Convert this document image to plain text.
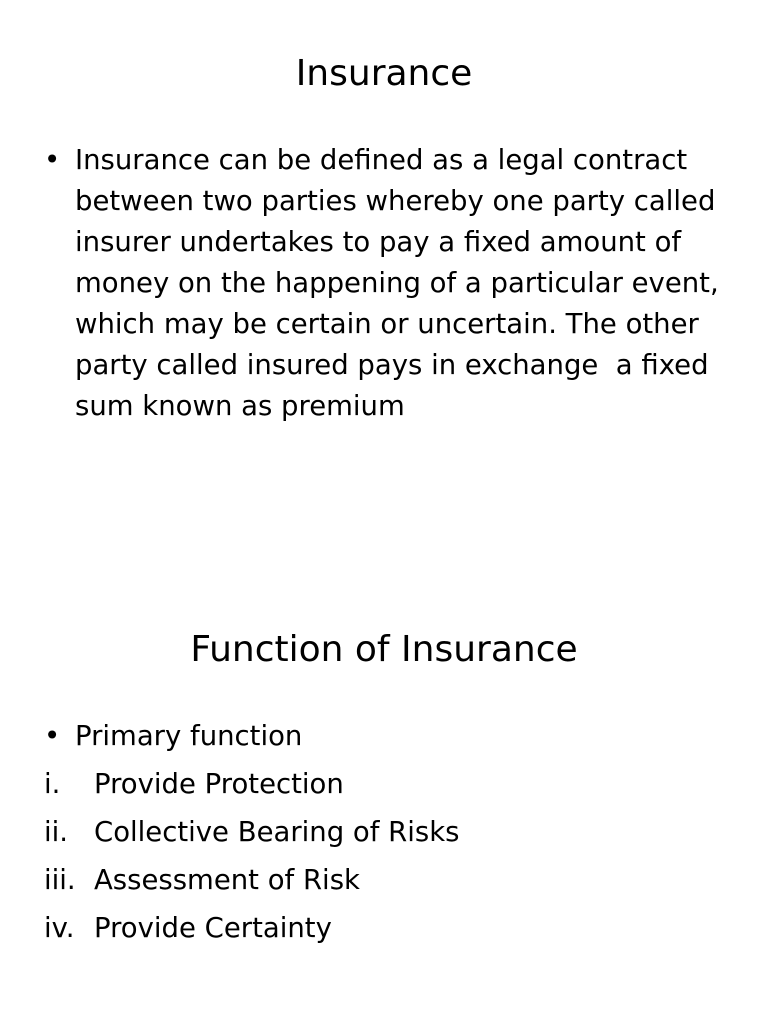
Insurance
• Insurance can be defined as a legal contract
between two parties whereby one party called
insurer undertakes to pay a fixed amount of
money on the happening of a particular event,
which may be certain or uncertain. The other
party called insured pays in exchange  a fixed
sum known as premium
Function of Insurance
• Primary function
i. Provide Protection
ii. Collective Bearing of Risks
iii. Assessment of Risk
iv. Provide Certainty
